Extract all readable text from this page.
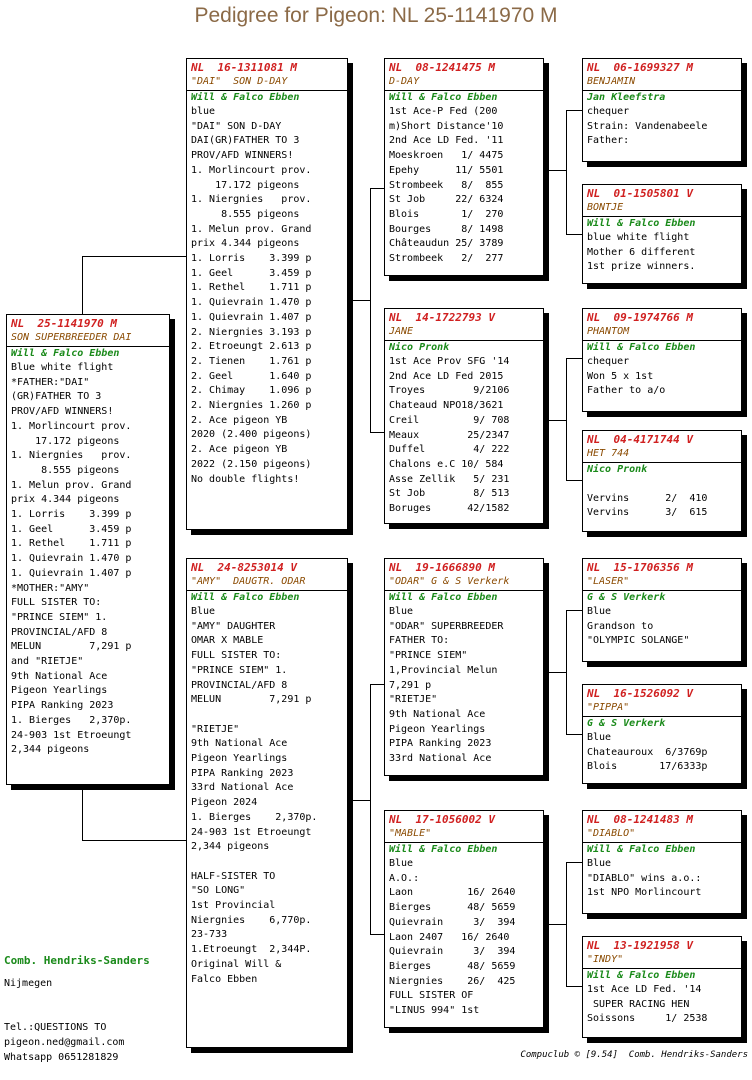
Pedigree for Pigeon: NL 25-1141970 M
NL  25-1141970 M
SON SUPERBREEDER DAI
Will & Falco Ebben
Blue white flight
*FATHER:"DAI"
(GR)FATHER TO 3
PROV/AFD WINNERS!
1. Morlincourt prov.
17.172 pigeons
1. Niergnies   prov.
8.555 pigeons
1. Melun prov. Grand
prix 4.344 pigeons
1. Lorris    3.399 p
1. Geel      3.459 p
1. Rethel    1.711 p
1. Quievrain 1.470 p
1. Quievrain 1.407 p
*MOTHER:"AMY"
FULL SISTER TO:
"PRINCE SIEM" 1.
PROVINCIAL/AFD 8
MELUN        7,291 p
and "RIETJE"
9th National Ace
Pigeon Yearlings
PIPA Ranking 2023
1. Bierges   2,370p.
24-903 1st Etroeungt
2,344 pigeons
NL  16-1311081 M
"DAI"  SON D-DAY
Will & Falco Ebben
blue
"DAI" SON D-DAY
DAI(GR)FATHER TO 3
PROV/AFD WINNERS!
1. Morlincourt prov.
17.172 pigeons
1. Niergnies   prov.
8.555 pigeons
1. Melun prov. Grand
prix 4.344 pigeons
1. Lorris    3.399 p
1. Geel      3.459 p
1. Rethel    1.711 p
1. Quievrain 1.470 p
1. Quievrain 1.407 p
2. Niergnies 3.193 p
2. Etroeungt 2.613 p
2. Tienen    1.761 p
2. Geel      1.640 p
2. Chimay    1.096 p
2. Niergnies 1.260 p
2. Ace pigeon YB
2020 (2.400 pigeons)
2. Ace pigeon YB
2022 (2.150 pigeons)
No double flights!
NL  24-8253014 V
"AMY"  DAUGTR. ODAR
Will & Falco Ebben
Blue
"AMY" DAUGHTER
OMAR X MABLE
FULL SISTER TO:
"PRINCE SIEM" 1.
PROVINCIAL/AFD 8
MELUN        7,291 p
"RIETJE"
9th National Ace
Pigeon Yearlings
PIPA Ranking 2023
33rd National Ace
Pigeon 2024
1. Bierges    2,370p.
24-903 1st Etroeungt
2,344 pigeons
HALF-SISTER TO
"SO LONG"
1st Provincial
Niergnies    6,770p.
23-733
1.Etroeungt  2,344P.
Original Will &
Falco Ebben
NL  08-1241475 M
D-DAY
Will & Falco Ebben
1st Ace-P Fed (200
m)Short Distance'10
2nd Ace LD Fed. '11
Moeskroen   1/ 4475
Epehy      11/ 5501
Strombeek   8/  855
St Job     22/ 6324
Blois       1/  270
Bourges     8/ 1498
Châteaudun 25/ 3789
Strombeek   2/  277
NL  14-1722793 V
JANE
Nico Pronk
1st Ace Prov SFG '14
2nd Ace LD Fed 2015
Troyes        9/2106
Chateaud NPO18/3621
Creil         9/ 708
Meaux        25/2347
Duffel        4/ 222
Chalons e.C 10/ 584
Asse Zellik   5/ 231
St Job        8/ 513
Boruges      42/1582
NL  19-1666890 M
"ODAR" G & S Verkerk
Will & Falco Ebben
Blue
"ODAR" SUPERBREEDER
FATHER TO:
"PRINCE SIEM"
1,Provincial Melun
7,291 p
"RIETJE"
9th National Ace
Pigeon Yearlings
PIPA Ranking 2023
33rd National Ace
NL  17-1056002 V
"MABLE"
Will & Falco Ebben
Blue
A.O.:
Laon         16/ 2640
Bierges      48/ 5659
Quievrain     3/  394
Laon 2407   16/ 2640
Quievrain     3/  394
Bierges      48/ 5659
Niergnies    26/  425
FULL SISTER OF
"LINUS 994" 1st
NL  06-1699327 M
BENJAMIN
Jan Kleefstra
chequer
Strain: Vandenabeele
Father:
NL  01-1505801 V
BONTJE
Will & Falco Ebben
blue white flight
Mother 6 different
1st prize winners.
NL  09-1974766 M
PHANTOM
Will & Falco Ebben
chequer
Won 5 x 1st
Father to a/o
NL  04-4171744 V
HET 744
Nico Pronk
Vervins      2/  410
Vervins      3/  615
NL  15-1706356 M
"LASER"
G & S Verkerk
Blue
Grandson to
"OLYMPIC SOLANGE"
NL  16-1526092 V
"PIPPA"
G & S Verkerk
Blue
Chateauroux  6/3769p
Blois       17/6333p
NL  08-1241483 M
"DIABLO"
Will & Falco Ebben
Blue
"DIABLO" wins a.o.:
1st NPO Morlincourt
NL  13-1921958 V
"INDY"
Will & Falco Ebben
1st Ace LD Fed. '14
SUPER RACING HEN
Soissons     1/ 2538
Comb. Hendriks-Sanders
Nijmegen
Tel.:QUESTIONS TO
pigeon.ned@gmail.com
Whatsapp 0651281829	Compuclub © [9.54]  Comb. Hendriks-Sanders
